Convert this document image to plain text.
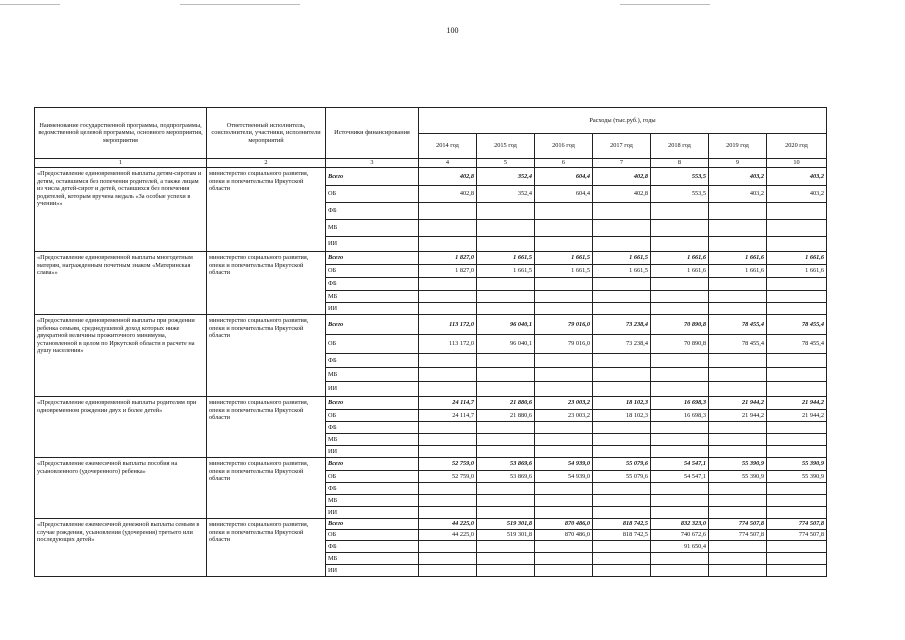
100
Наименование государственной программы, подпрограммы, ведомственной целевой программы, основного мероприятия, мероприятия	Ответственный исполнитель, соисполнители, участники, исполнители мероприятий	Источники финансирования	Расходы (тыс.руб.), годы						
			2014 год	2015 год	2016 год	2017 год	2018 год	2019 год	2020 год
1	2	3	4	5	6	7	8	9	10
«Предоставление единовременной выплаты детям-сиротам и детям, оставшимся без попечения родителей, а также лицам из числа детей-сирот и детей, оставшихся без попечения родителей, которым вручена медаль «За особые успехи в учении»»	министерство социального развития, опеки и попечительства Иркутской области	Всего	402,8	352,4	604,4	402,8	553,5	403,2	403,2
		ОБ	402,8	352,4	604,4	402,8	553,5	403,2	403,2
		ФБ							
		МБ							
		ИИ							
«Предоставление единовременной выплаты многодетным матерям, награжденным почетным знаком «Материнская слава»»	министерство социального развития, опеки и попечительства Иркутской области	Всего	1 827,0	1 661,5	1 661,5	1 661,5	1 661,6	1 661,6	1 661,6
		ОБ	1 827,0	1 661,5	1 661,5	1 661,5	1 661,6	1 661,6	1 661,6
		ФБ							
		МБ							
		ИИ							
«Предоставление единовременной выплаты при рождении ребенка семьям, среднедушевой доход которых ниже двукратной величины прожиточного минимума, установленной в целом по Иркутской области в расчете на душу населения»	министерство социального развития, опеки и попечительства Иркутской области	Всего	113 172,0	96 040,1	79 016,0	73 238,4	70 890,8	78 455,4	78 455,4
		ОБ	113 172,0	96 040,1	79 016,0	73 238,4	70 890,8	78 455,4	78 455,4
		ФБ							
		МБ							
		ИИ							
«Предоставление единовременной выплаты родителям при одновременном рождении двух и более детей»	министерство социального развития, опеки и попечительства Иркутской области	Всего	24 114,7	21 880,6	23 003,2	18 102,3	16 698,3	21 944,2	21 944,2
		ОБ	24 114,7	21 880,6	23 003,2	18 102,3	16 698,3	21 944,2	21 944,2
		ФБ							
		МБ							
		ИИ							
«Предоставление ежемесячной выплаты пособия на усыновленного (удочеренного) ребенка»	министерство социального развития, опеки и попечительства Иркутской области	Всего	52 759,0	53 869,6	54 939,0	55 079,6	54 547,1	55 390,9	55 390,9
		ОБ	52 759,0	53 869,6	54 939,0	55 079,6	54 547,1	55 390,9	55 390,9
		ФБ							
		МБ							
		ИИ							
«Предоставление ежемесячной денежной выплаты семьям в случае рождения, усыновления (удочерения) третьего или последующих детей»	министерство социального развития, опеки и попечительства Иркутской области	Всего	44 225,0	519 301,8	870 486,0	818 742,5	832 323,0	774 507,8	774 507,8
		ОБ	44 225,0	519 301,8	870 486,0	818 742,5	740 672,6	774 507,8	774 507,8
		ФБ					91 650,4		
		МБ							
		ИИ							
